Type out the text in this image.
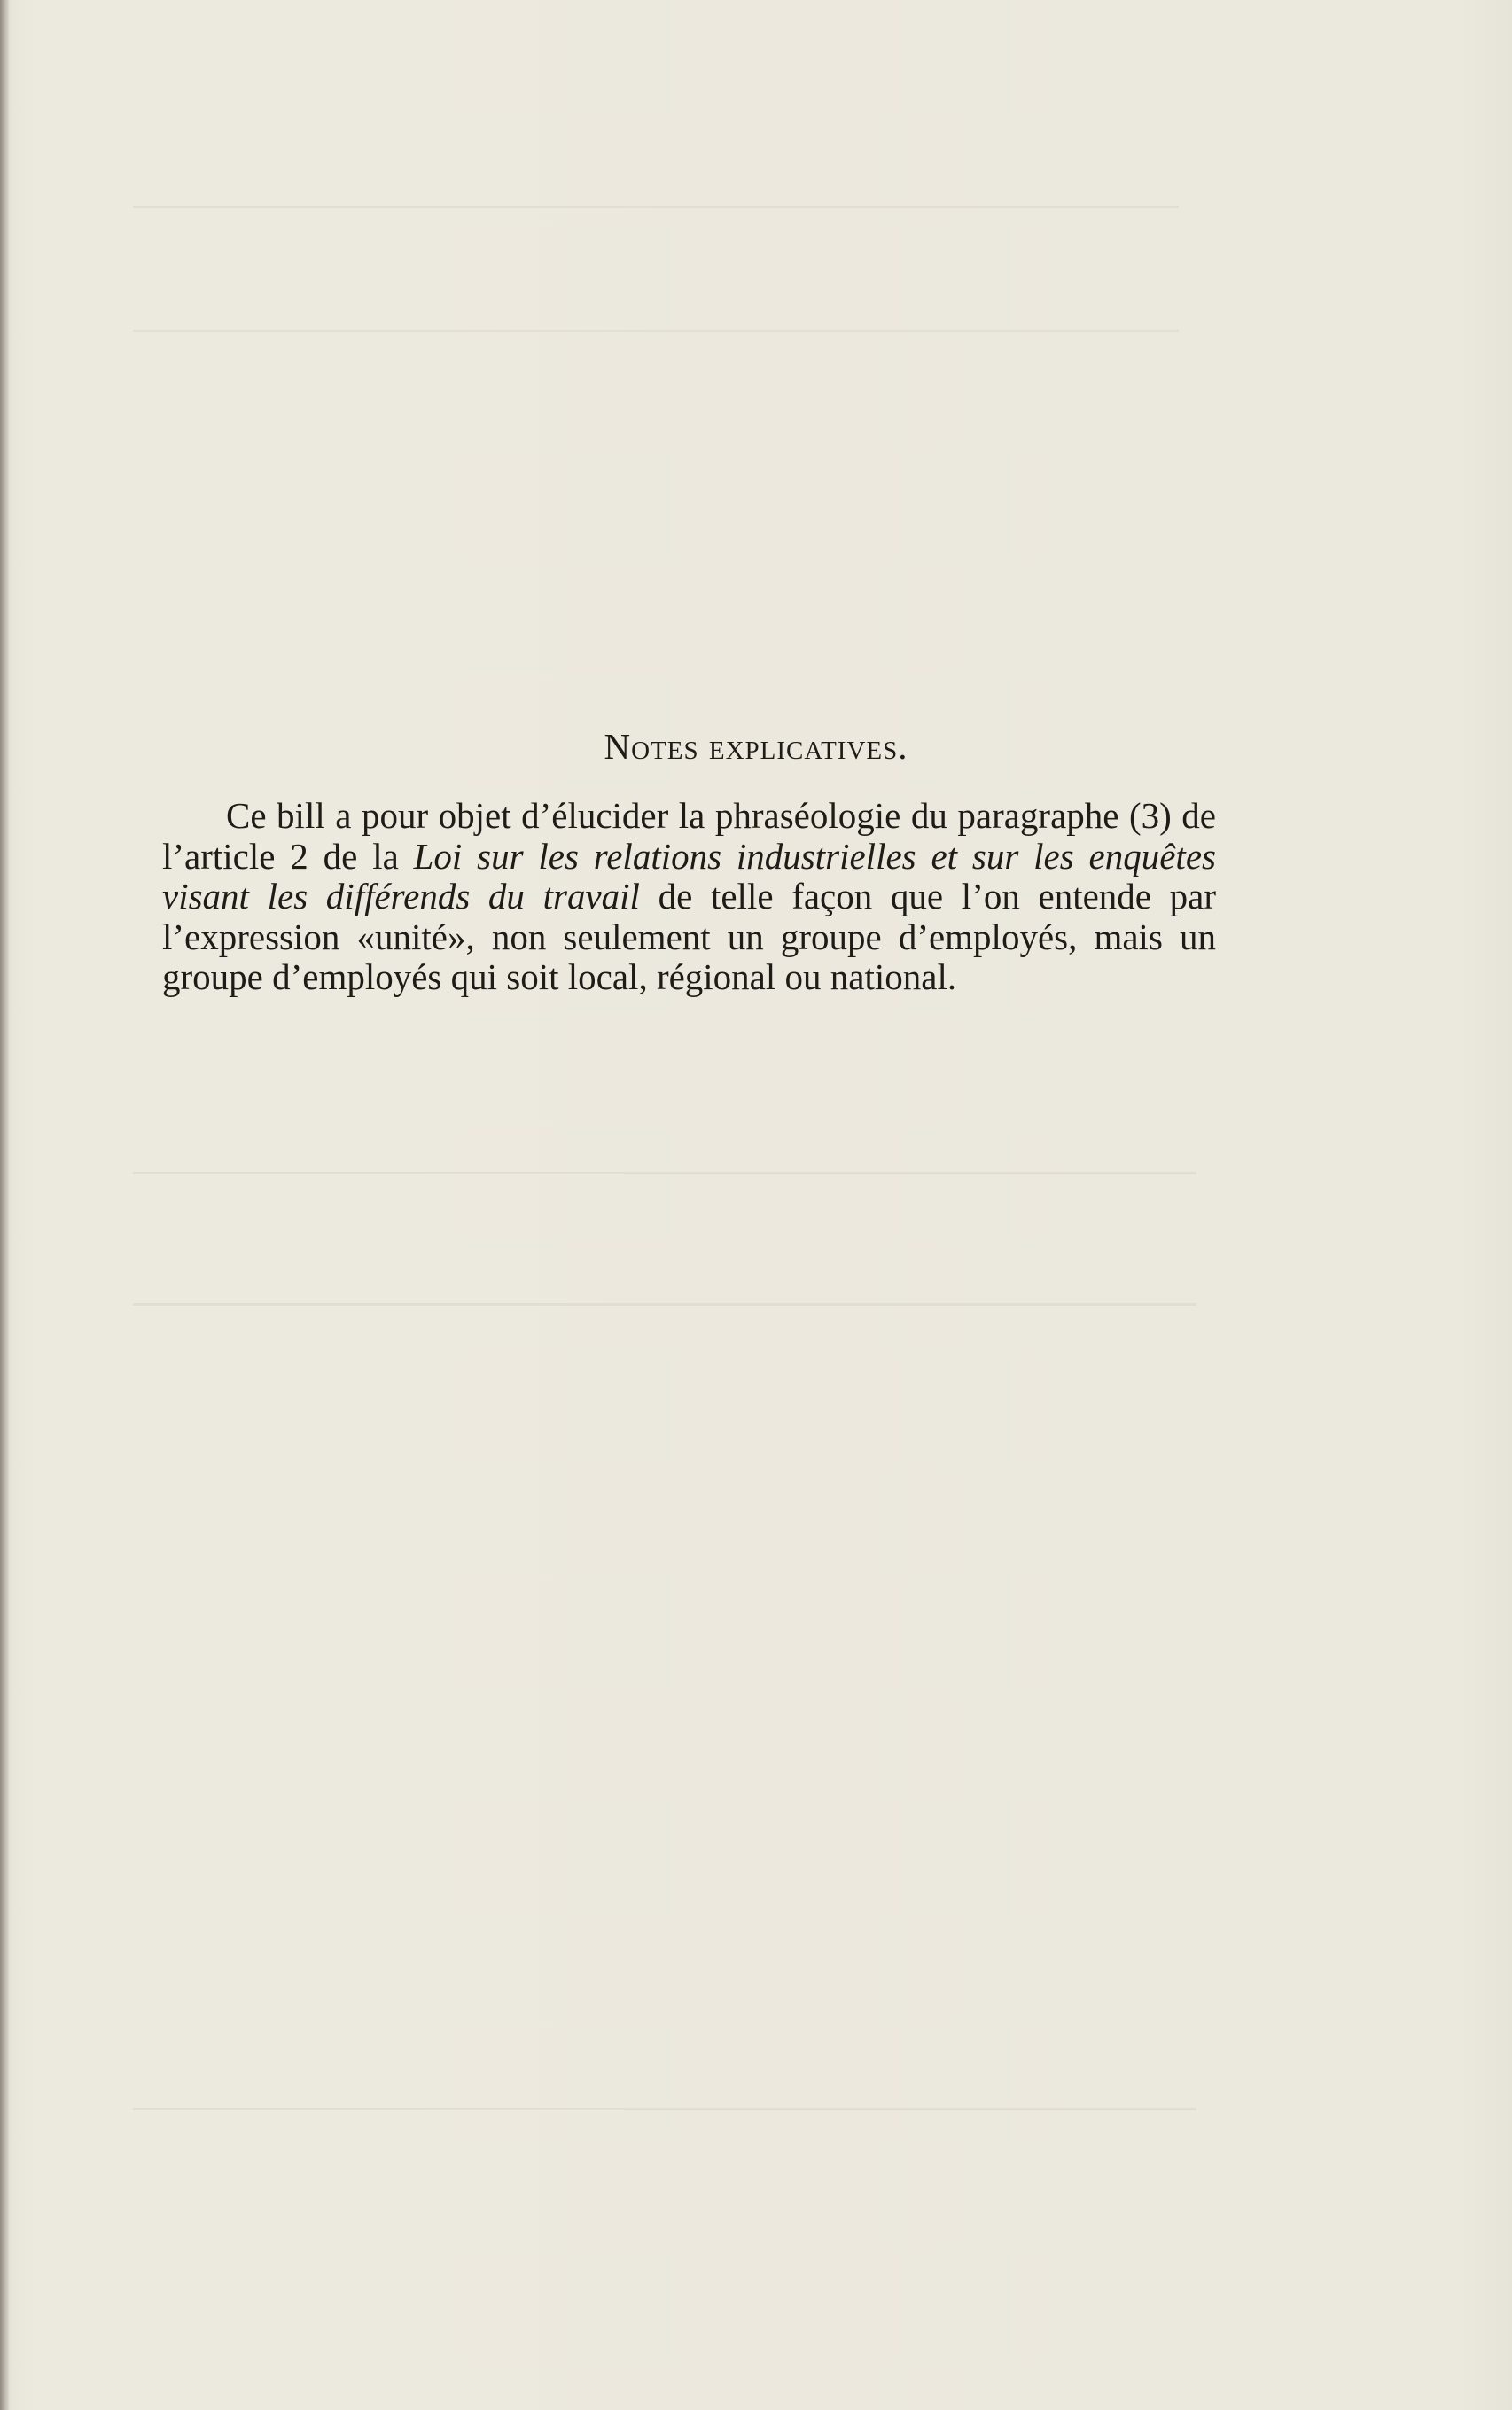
Notes explicatives.
Ce bill a pour objet d’élucider la phraséologie du paragraphe (3) de l’article 2 de la Loi sur les relations industrielles et sur les enquêtes visant les différends du travail de telle façon que l’on entende par l’expression «unité», non seulement un groupe d’employés, mais un groupe d’employés qui soit local, régional ou national.
